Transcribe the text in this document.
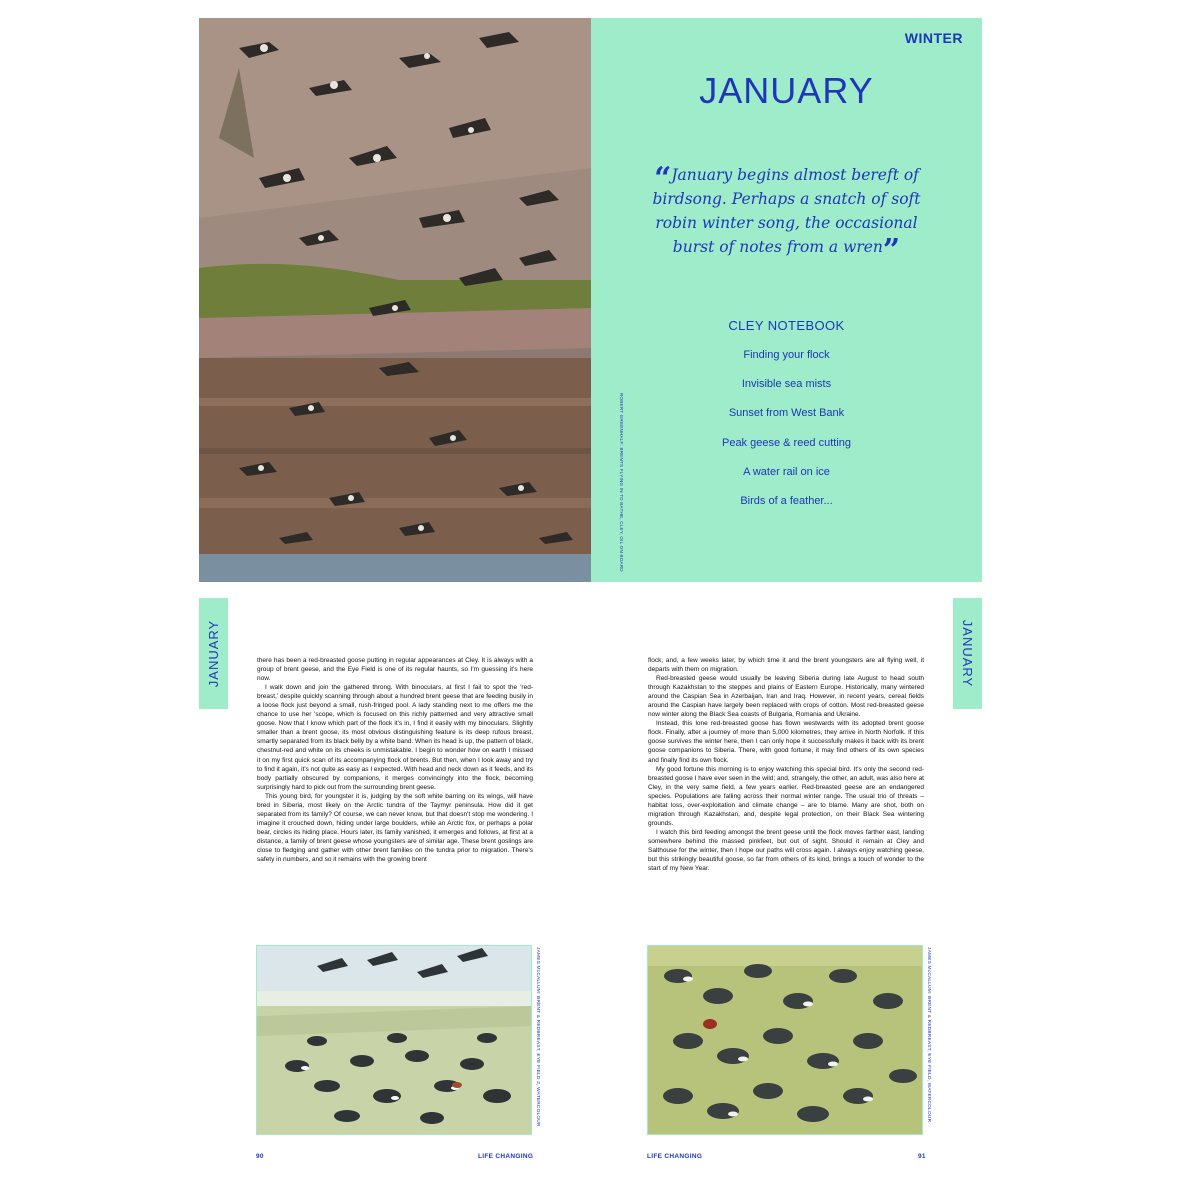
WINTER
JANUARY
“January begins almost bereft of birdsong. Perhaps a snatch of soft robin winter song, the occasional burst of notes from a wren”
CLEY NOTEBOOK
Finding your flock
Invisible sea mists
Sunset from West Bank
Peak geese & reed cutting
A water rail on ice
Birds of a feather...
ROBERT GREENHALF: BRENTS FLYING IN TO BATHE, CLEY, OIL ON BOARD
JANUARY	JANUARY

there has been a red-breasted goose putting in regular appearances at Cley. It is always with a group of brent geese, and the Eye Field is one of its regular haunts, so I'm guessing it's here now.

I walk down and join the gathered throng. With binoculars, at first I fail to spot the 'red-breast,' despite quickly scanning through about a hundred brent geese that are feeding busily in a loose flock just beyond a small, rush-fringed pool. A lady standing next to me offers me the chance to use her 'scope, which is focused on this richly patterned and very attractive small goose. Now that I know which part of the flock it's in, I find it easily with my binoculars. Slightly smaller than a brent goose, its most obvious distinguishing feature is its deep rufous breast, smartly separated from its black belly by a white band. When its head is up, the pattern of black, chestnut-red and white on its cheeks is unmistakable. I begin to wonder how on earth I missed it on my first quick scan of its accompanying flock of brents. But then, when I look away and try to find it again, it's not quite as easy as I expected. With head and neck down as it feeds, and its body partially obscured by companions, it merges convincingly into the flock, becoming surprisingly hard to pick out from the surrounding brent geese.

This young bird, for youngster it is, judging by the soft white barring on its wings, will have bred in Siberia, most likely on the Arctic tundra of the Taymyr peninsula. How did it get separated from its family? Of course, we can never know, but that doesn't stop me wondering. I imagine it crouched down, hiding under large boulders, while an Arctic fox, or perhaps a polar bear, circles its hiding place. Hours later, its family vanished, it emerges and follows, at first at a distance, a family of brent geese whose youngsters are of similar age. These brent goslings are close to fledging and gather with other brent families on the tundra prior to migration. There's safety in numbers, and so it remains with the growing brent

flock, and, a few weeks later, by which time it and the brent youngsters are all flying well, it departs with them on migration.

Red-breasted geese would usually be leaving Siberia during late August to head south through Kazakhstan to the steppes and plains of Eastern Europe. Historically, many wintered around the Caspian Sea in Azerbaijan, Iran and Iraq. However, in recent years, cereal fields around the Caspian have largely been replaced with crops of cotton. Most red-breasted geese now winter along the Black Sea coasts of Bulgaria, Romania and Ukraine.

Instead, this lone red-breasted goose has flown westwards with its adopted brent goose flock. Finally, after a journey of more than 5,000 kilometres, they arrive in North Norfolk. If this goose survives the winter here, then I can only hope it successfully makes it back with its brent goose companions to Siberia. There, with good fortune, it may find others of its own species and finally find its own flock.

My good fortune this morning is to enjoy watching this special bird. It's only the second red-breasted goose I have ever seen in the wild; and, strangely, the other, an adult, was also here at Cley, in the very same field, a few years earlier. Red-breasted geese are an endangered species. Populations are falling across their normal winter range. The usual trio of threats – habitat loss, over-exploitation and climate change – are to blame. Many are shot, both on migration through Kazakhstan, and, despite legal protection, on their Black Sea wintering grounds.

I watch this bird feeding amongst the brent geese until the flock moves farther east, landing somewhere behind the massed pinkfeet, but out of sight. Should it remain at Cley and Salthouse for the winter, then I hope our paths will cross again. I always enjoy watching geese, but this strikingly beautiful goose, so far from others of its kind, brings a touch of wonder to the start of my New Year.

JAMES McCALLUM: BRENT & REDBREAST, EYE FIELD 2, WATERCOLOUR	JAMES McCALLUM: BRENT & REDBREAST, EYE FIELD, WATERCOLOUR
90	LIFE CHANGING	LIFE CHANGING	91
